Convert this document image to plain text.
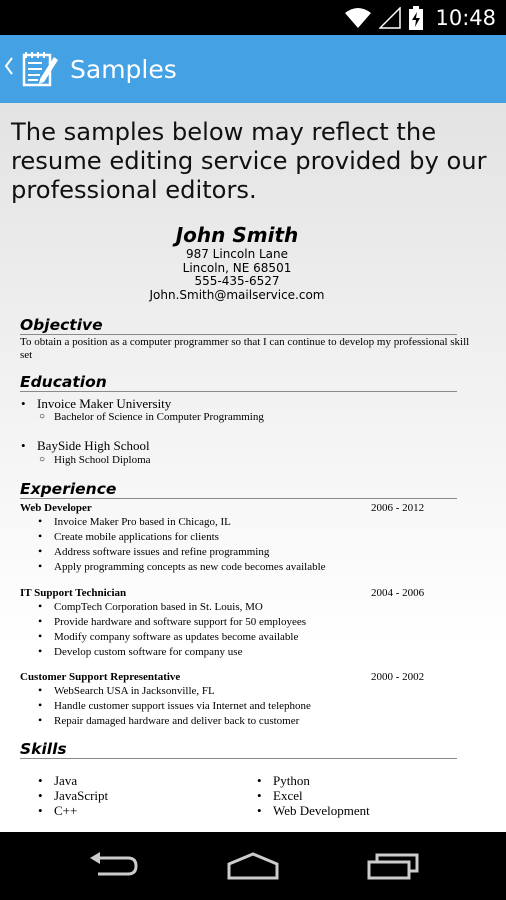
10:48
Samples
The samples below may reflect the resume editing service provided by our professional editors.
John Smith
987 Lincoln Lane
Lincoln, NE 68501
555-435-6527
John.Smith@mailservice.com
Objective
To obtain a position as a computer programmer so that I can continue to develop my professional skill set
Education
• Invoice Maker University
○ Bachelor of Science in Computer Programming
• BaySide High School
○ High School Diploma
Experience
Web Developer	2006 - 2012
• Invoice Maker Pro based in Chicago, IL
• Create mobile applications for clients
• Address software issues and refine programming
• Apply programming concepts as new code becomes available
IT Support Technician	2004 - 2006
• CompTech Corporation based in St. Louis, MO
• Provide hardware and software support for 50 employees
• Modify company software as updates become available
• Develop custom software for company use
Customer Support Representative	2000 - 2002
• WebSearch USA in Jacksonville, FL
• Handle customer support issues via Internet and telephone
• Repair damaged hardware and deliver back to customer
Skills
• Java
• JavaScript
• C++
• Python
• Excel
• Web Development
